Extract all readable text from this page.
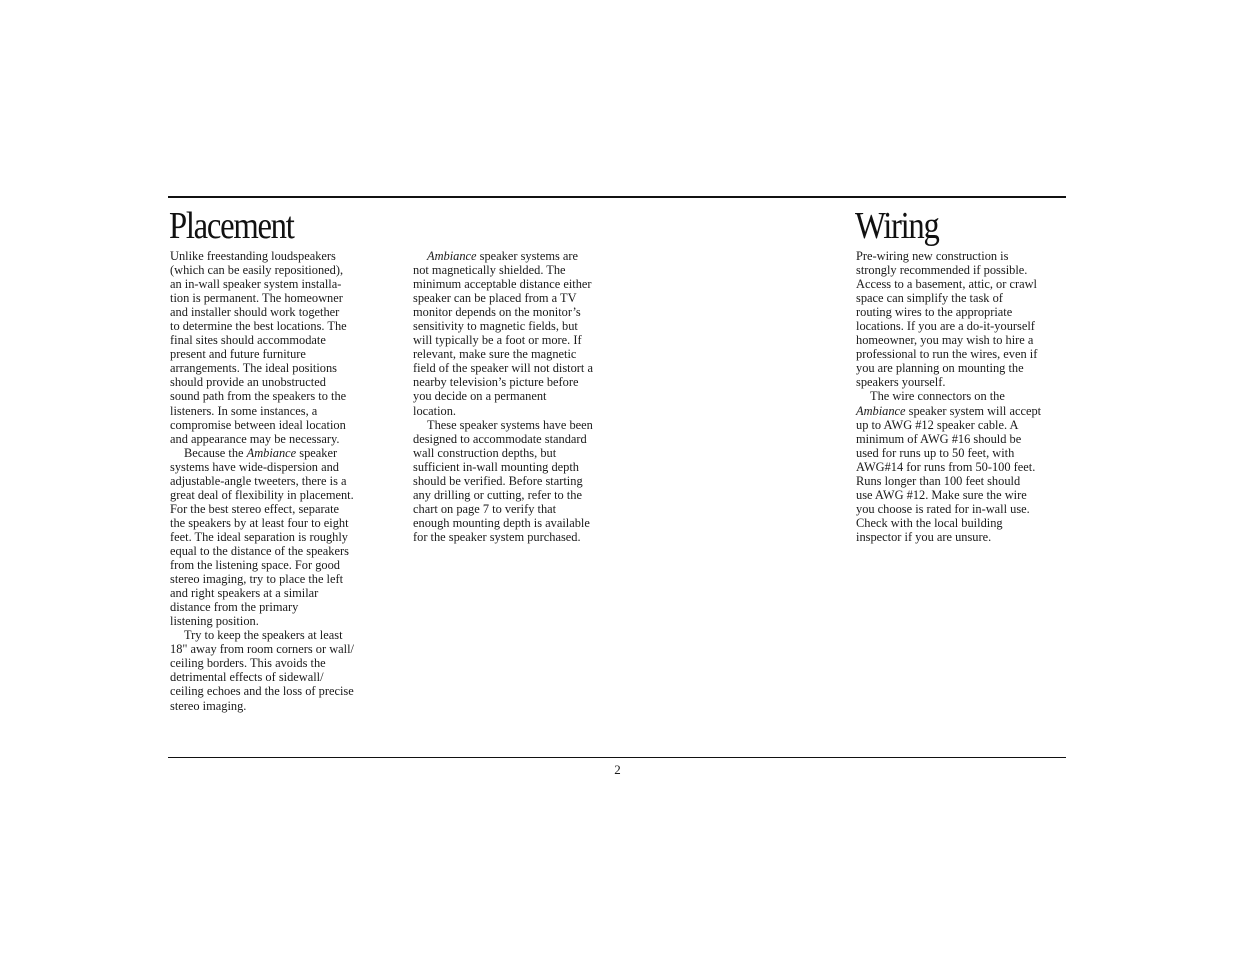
Placement	Wiring
Unlike freestanding loudspeakers
(which can be easily repositioned),
an in-wall speaker system installa-
tion is permanent. The homeowner
and installer should work together
to determine the best locations. The
final sites should accommodate
present and future furniture
arrangements. The ideal positions
should provide an unobstructed
sound path from the speakers to the
listeners. In some instances, a
compromise between ideal location
and appearance may be necessary.
Because the Ambiance speaker
systems have wide-dispersion and
adjustable-angle tweeters, there is a
great deal of flexibility in placement.
For the best stereo effect, separate
the speakers by at least four to eight
feet. The ideal separation is roughly
equal to the distance of the speakers
from the listening space. For good
stereo imaging, try to place the left
and right speakers at a similar
distance from the primary
listening position.
Try to keep the speakers at least
18" away from room corners or wall/
ceiling borders. This avoids the
detrimental effects of sidewall/
ceiling echoes and the loss of precise
stereo imaging.
Ambiance speaker systems are
not magnetically shielded. The
minimum acceptable distance either
speaker can be placed from a TV
monitor depends on the monitor’s
sensitivity to magnetic fields, but
will typically be a foot or more. If
relevant, make sure the magnetic
field of the speaker will not distort a
nearby television’s picture before
you decide on a permanent
location.
These speaker systems have been
designed to accommodate standard
wall construction depths, but
sufficient in-wall mounting depth
should be verified. Before starting
any drilling or cutting, refer to the
chart on page 7 to verify that
enough mounting depth is available
for the speaker system purchased.
Pre-wiring new construction is
strongly recommended if possible.
Access to a basement, attic, or crawl
space can simplify the task of
routing wires to the appropriate
locations. If you are a do-it-yourself
homeowner, you may wish to hire a
professional to run the wires, even if
you are planning on mounting the
speakers yourself.
The wire connectors on the
Ambiance speaker system will accept
up to AWG #12 speaker cable. A
minimum of AWG #16 should be
used for runs up to 50 feet, with
AWG#14 for runs from 50-100 feet.
Runs longer than 100 feet should
use AWG #12. Make sure the wire
you choose is rated for in-wall use.
Check with the local building
inspector if you are unsure.
2
